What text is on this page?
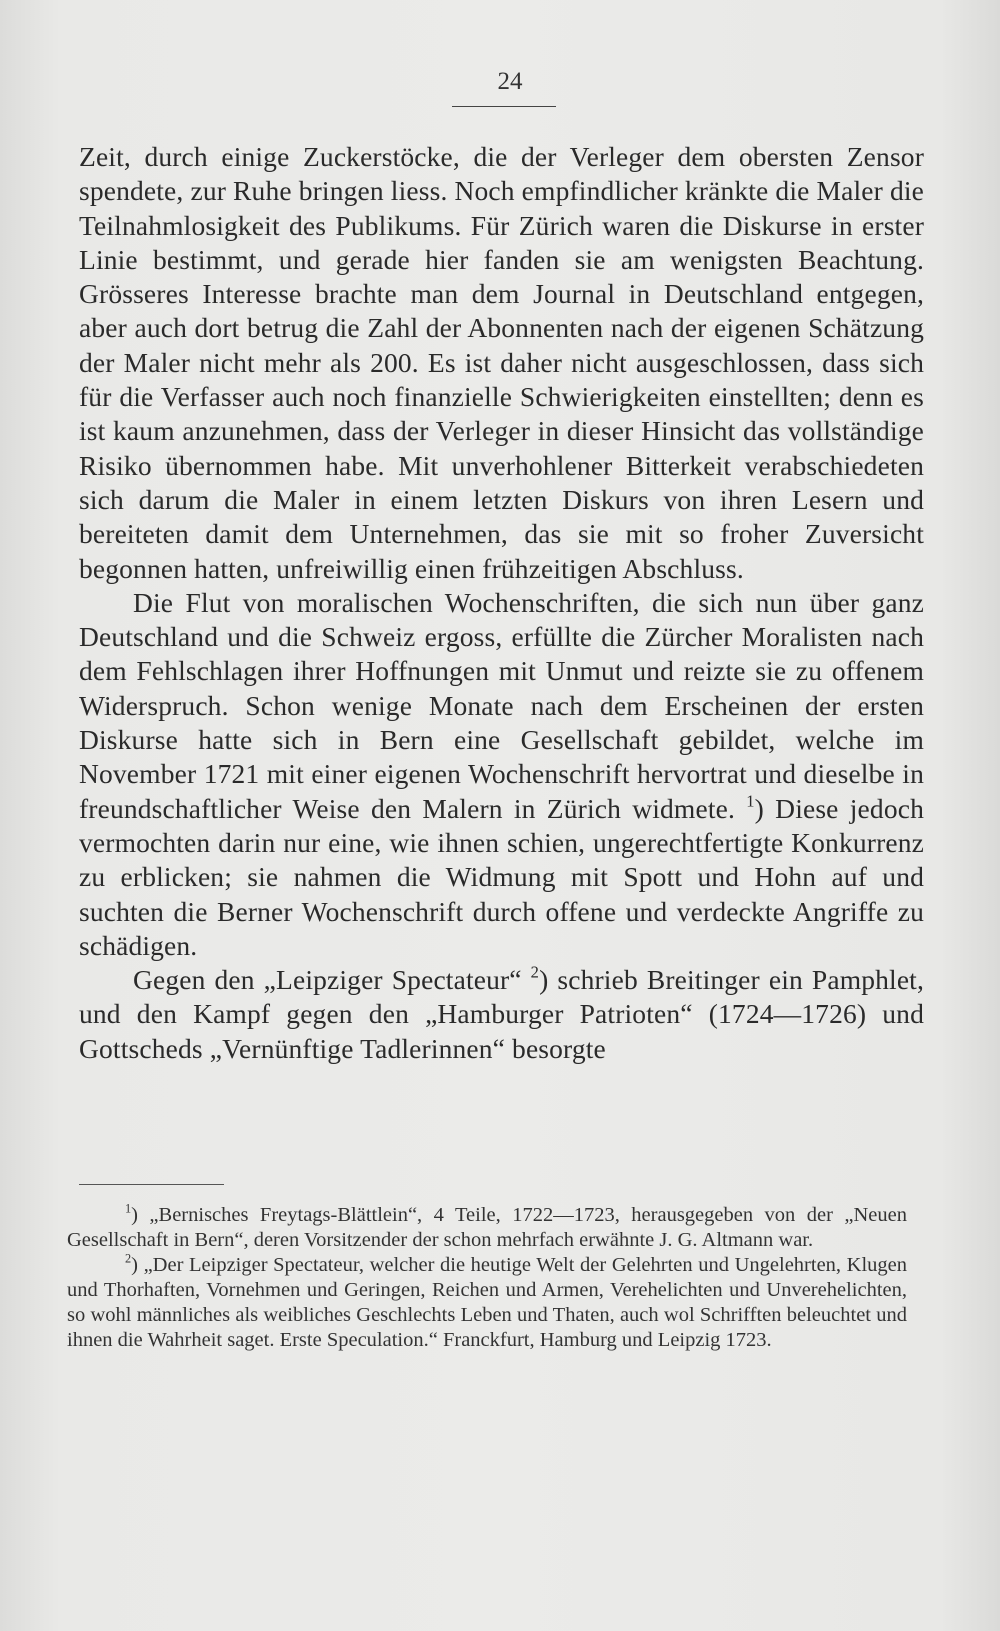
24

Zeit, durch einige Zuckerstöcke, die der Verleger dem obersten Zensor spendete, zur Ruhe bringen liess. Noch empfindlicher kränkte die Maler die Teilnahmlosigkeit des Publikums. Für Zürich waren die Diskurse in erster Linie bestimmt, und gerade hier fanden sie am wenigsten Beachtung. Grösseres Interesse brachte man dem Journal in Deutschland entgegen, aber auch dort betrug die Zahl der Abonnenten nach der eigenen Schätzung der Maler nicht mehr als 200. Es ist daher nicht ausgeschlossen, dass sich für die Verfasser auch noch finanzielle Schwierigkeiten einstellten; denn es ist kaum anzunehmen, dass der Verleger in dieser Hinsicht das vollständige Risiko übernommen habe. Mit unverhohlener Bitterkeit verabschiedeten sich darum die Maler in einem letzten Diskurs von ihren Lesern und bereiteten damit dem Unternehmen, das sie mit so froher Zuversicht begonnen hatten, unfreiwillig einen frühzeitigen Abschluss.

Die Flut von moralischen Wochenschriften, die sich nun über ganz Deutschland und die Schweiz ergoss, erfüllte die Zürcher Moralisten nach dem Fehlschlagen ihrer Hoffnungen mit Unmut und reizte sie zu offenem Widerspruch. Schon wenige Monate nach dem Erscheinen der ersten Diskurse hatte sich in Bern eine Gesellschaft gebildet, welche im November 1721 mit einer eigenen Wochenschrift hervortrat und dieselbe in freundschaftlicher Weise den Malern in Zürich widmete. $^1$) Diese jedoch vermochten darin nur eine, wie ihnen schien, ungerechtfertigte Konkurrenz zu erblicken; sie nahmen die Widmung mit Spott und Hohn auf und suchten die Berner Wochenschrift durch offene und verdeckte Angriffe zu schädigen.

Gegen den „Leipziger Spectateur“ $^2$) schrieb Breitinger ein Pamphlet, und den Kampf gegen den „Hamburger Patrioten“ (1724—1726) und Gottscheds „Vernünftige Tadlerinnen“ besorgte

$^1$) „Bernisches Freytags-Blättlein“, 4 Teile, 1722—1723, herausgegeben von der „Neuen Gesellschaft in Bern“, deren Vorsitzender der schon mehrfach erwähnte J. G. Altmann war.

$^2$) „Der Leipziger Spectateur, welcher die heutige Welt der Gelehrten und Ungelehrten, Klugen und Thorhaften, Vornehmen und Geringen, Reichen und Armen, Verehelichten und Unverehelichten, so wohl männliches als weibliches Geschlechts Leben und Thaten, auch wol Schrifften beleuchtet und ihnen die Wahrheit saget. Erste Speculation.“ Franckfurt, Hamburg und Leipzig 1723.
